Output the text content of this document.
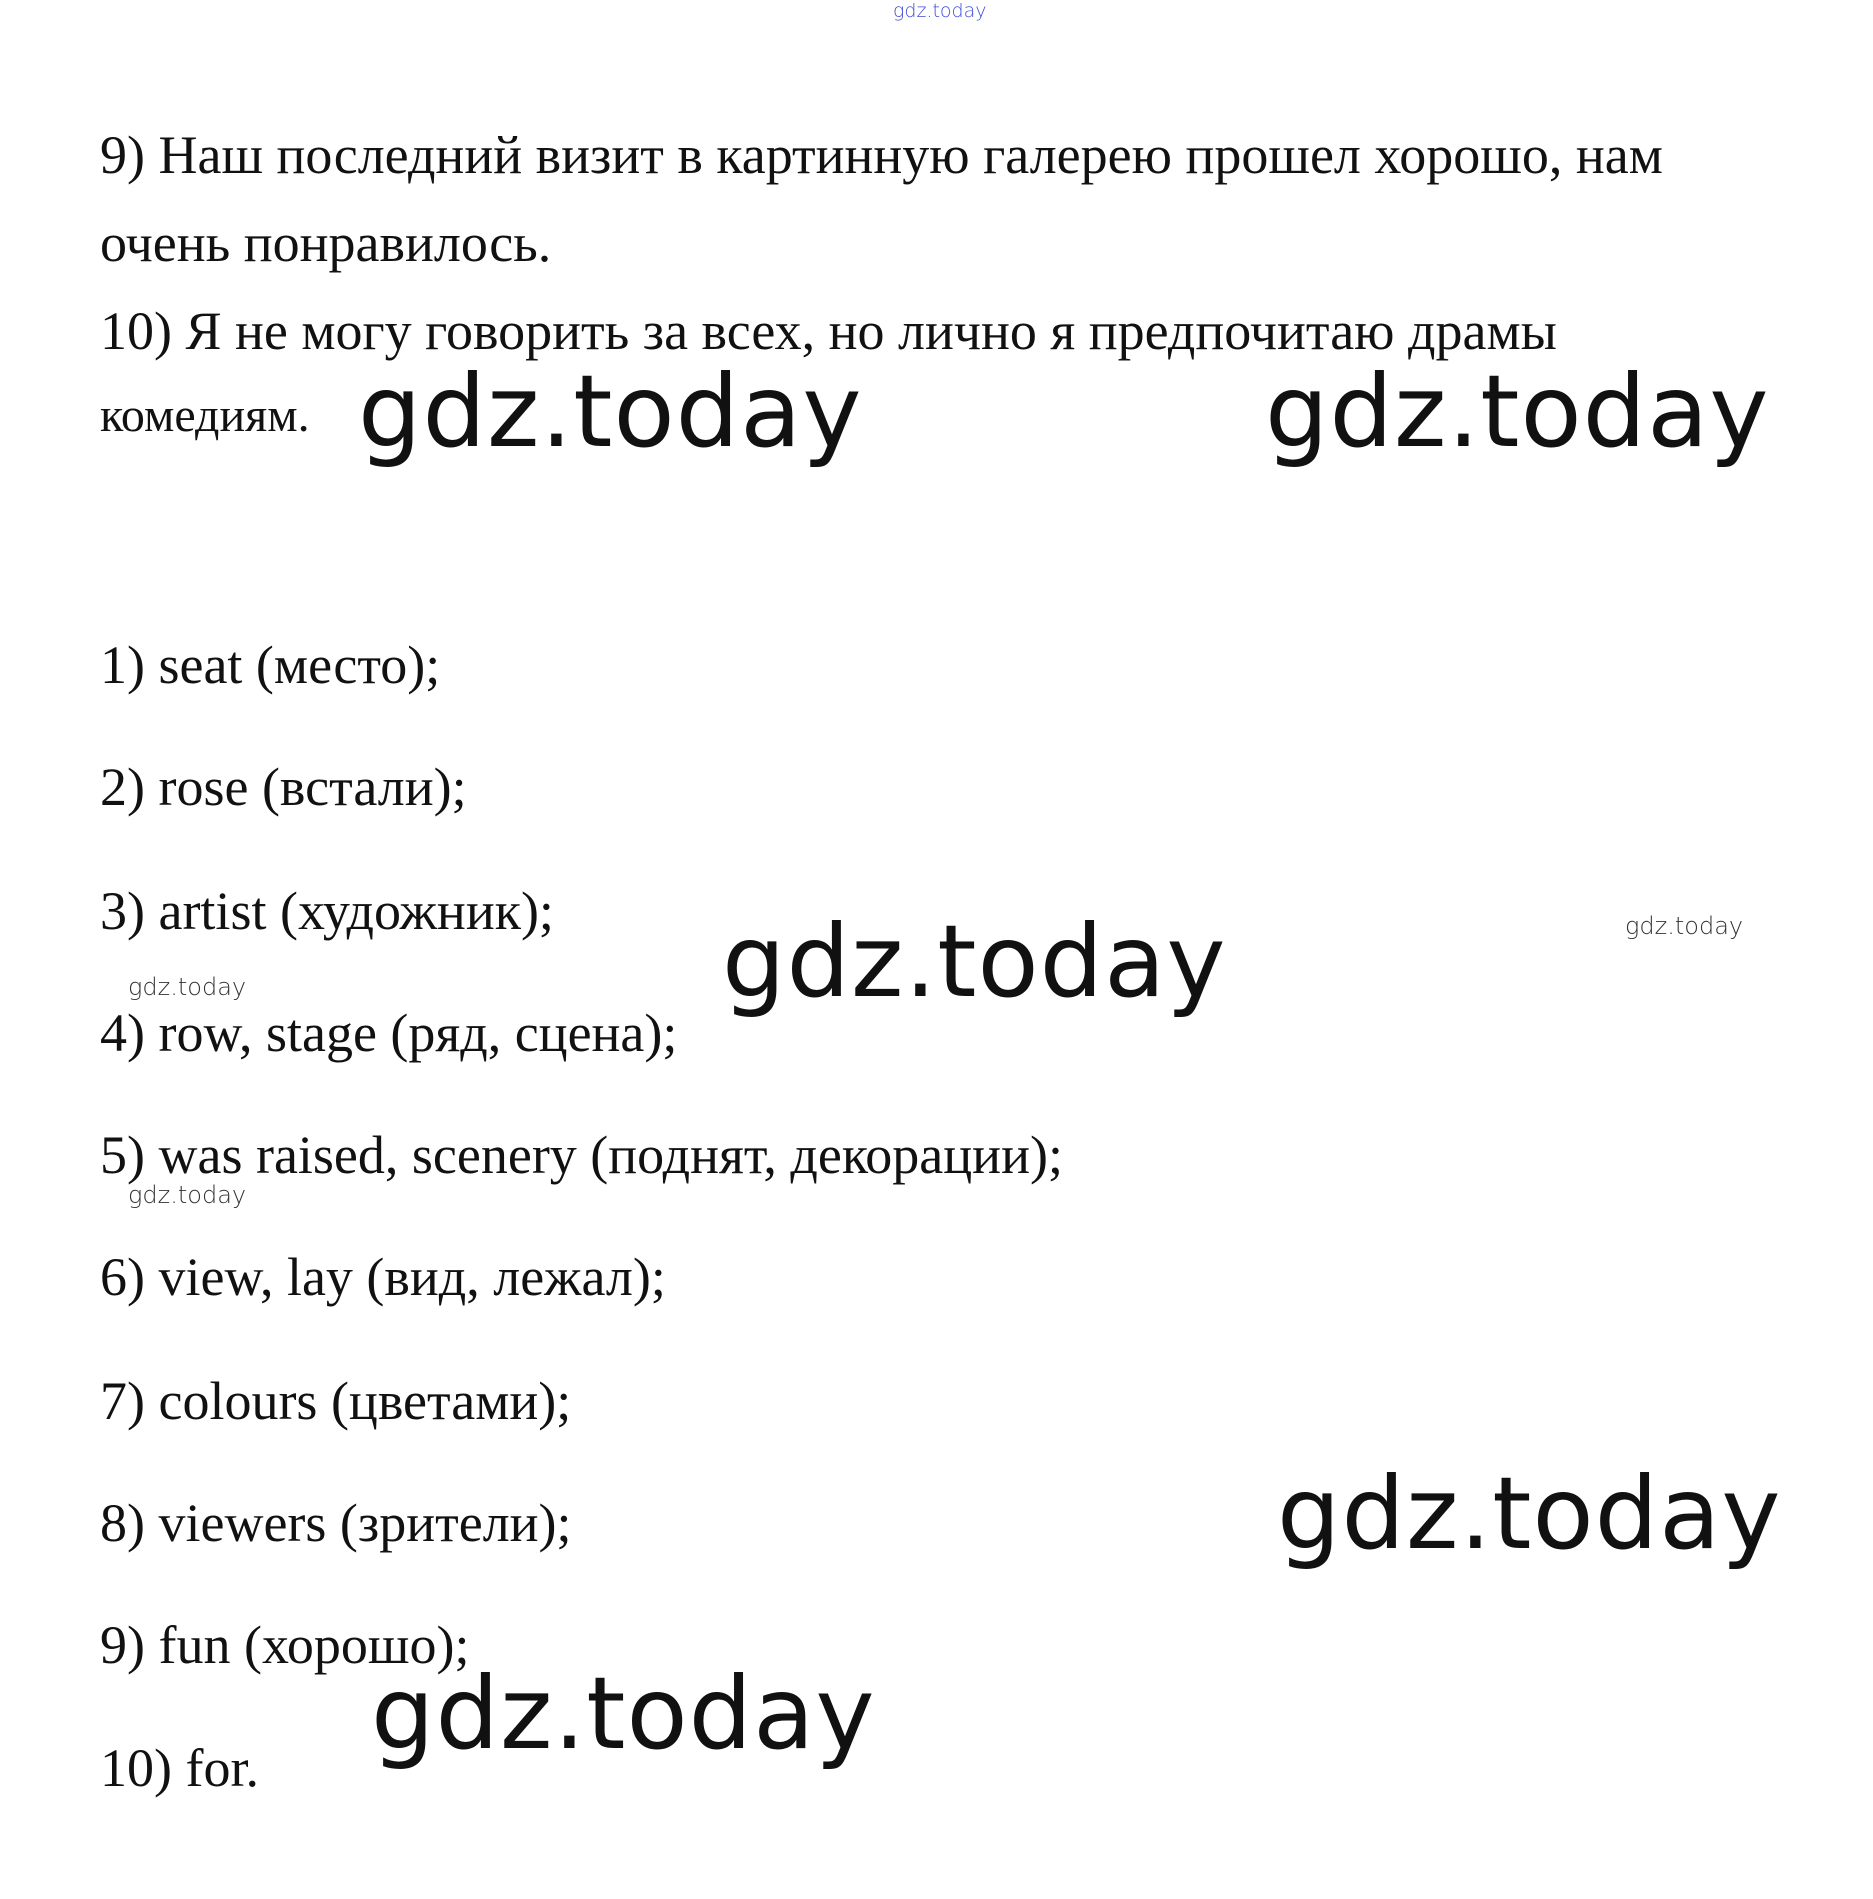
gdz.today
9) Наш последний визит в картинную галерею прошел хорошо, нам
очень понравилось.
10) Я не могу говорить за всех, но лично я предпочитаю драмы
комедиям.
1) seat (место);
2) rose (встали);
3) artist (художник);
4) row, stage (ряд, сцена);
5) was raised, scenery (поднят, декорации);
6) view, lay (вид, лежал);
7) colours (цветами);
8) viewers (зрители);
9) fun (хорошо);
10) for.
gdz.today	gdz.today
gdz.today
gdz.today
gdz.today
gdz.today
gdz.today
gdz.today
